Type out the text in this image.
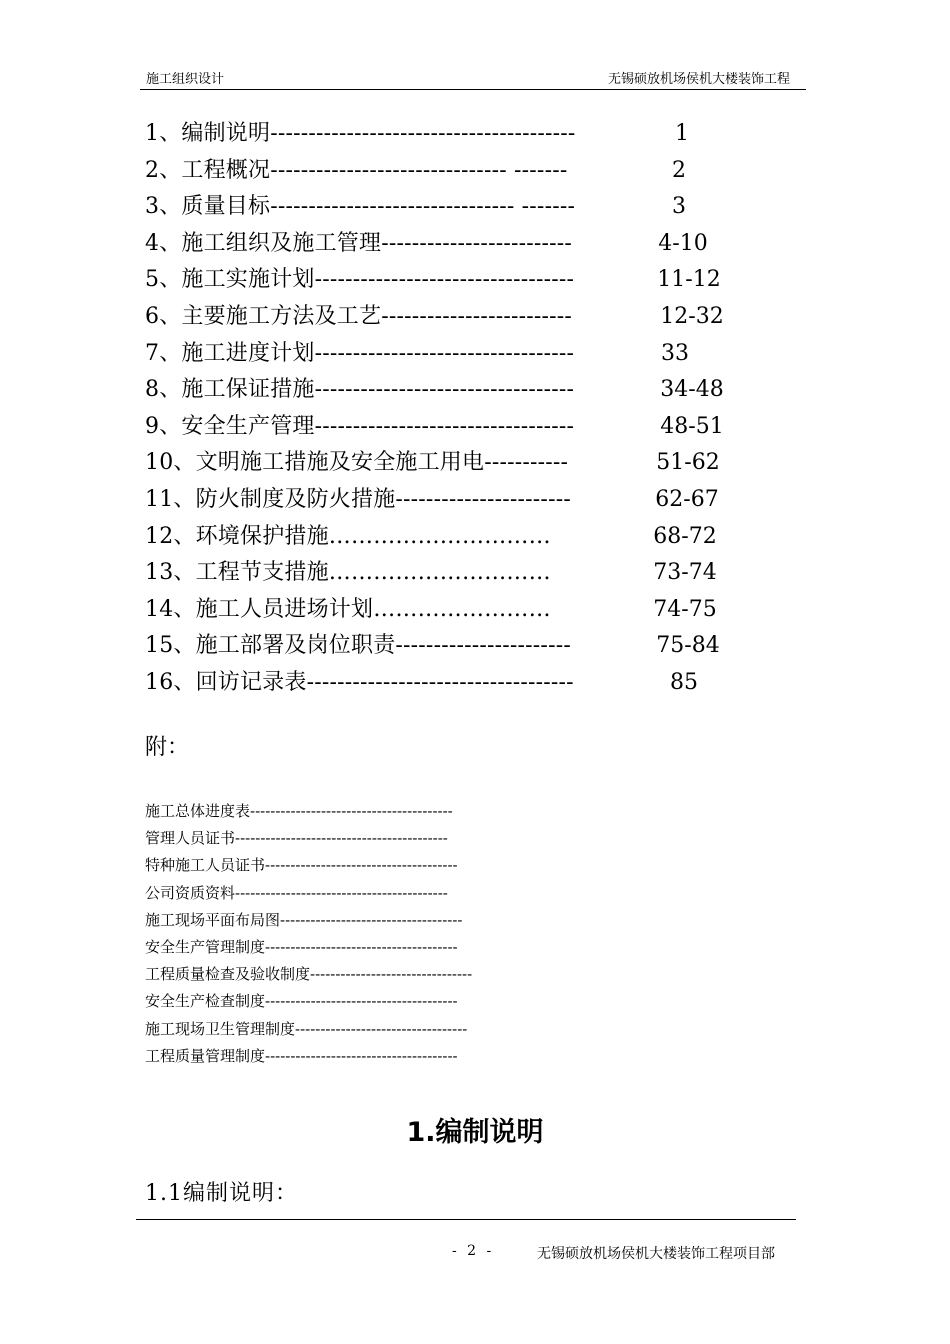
施工组织设计	无锡硕放机场侯机大楼装饰工程
1、编制说明----------------------------------------	1
2、工程概况------------------------------- -------	2
3、质量目标-------------------------------- -------	3
4、施工组织及施工管理-------------------------	4-10
5、施工实施计划----------------------------------	11-12
6、主要施工方法及工艺-------------------------	12-32
7、施工进度计划----------------------------------	33
8、施工保证措施----------------------------------	34-48
9、安全生产管理----------------------------------	48-51
10、文明施工措施及安全施工用电-----------	51-62
11、防火制度及防火措施-----------------------	62-67
12、环境保护措施…………………………	68-72
13、工程节支措施…………………………	73-74
14、施工人员进场计划……………………	74-75
15、施工部署及岗位职责-----------------------	75-84
16、回访记录表-----------------------------------	85
附：
施工总体进度表----------------------------------------
管理人员证书------------------------------------------
特种施工人员证书--------------------------------------
公司资质资料------------------------------------------
施工现场平面布局图------------------------------------
安全生产管理制度--------------------------------------
工程质量检查及验收制度--------------------------------
安全生产检查制度--------------------------------------
施工现场卫生管理制度----------------------------------
工程质量管理制度--------------------------------------
1.编制说明
1.1编制说明：
- 2 -	无锡硕放机场侯机大楼装饰工程项目部
